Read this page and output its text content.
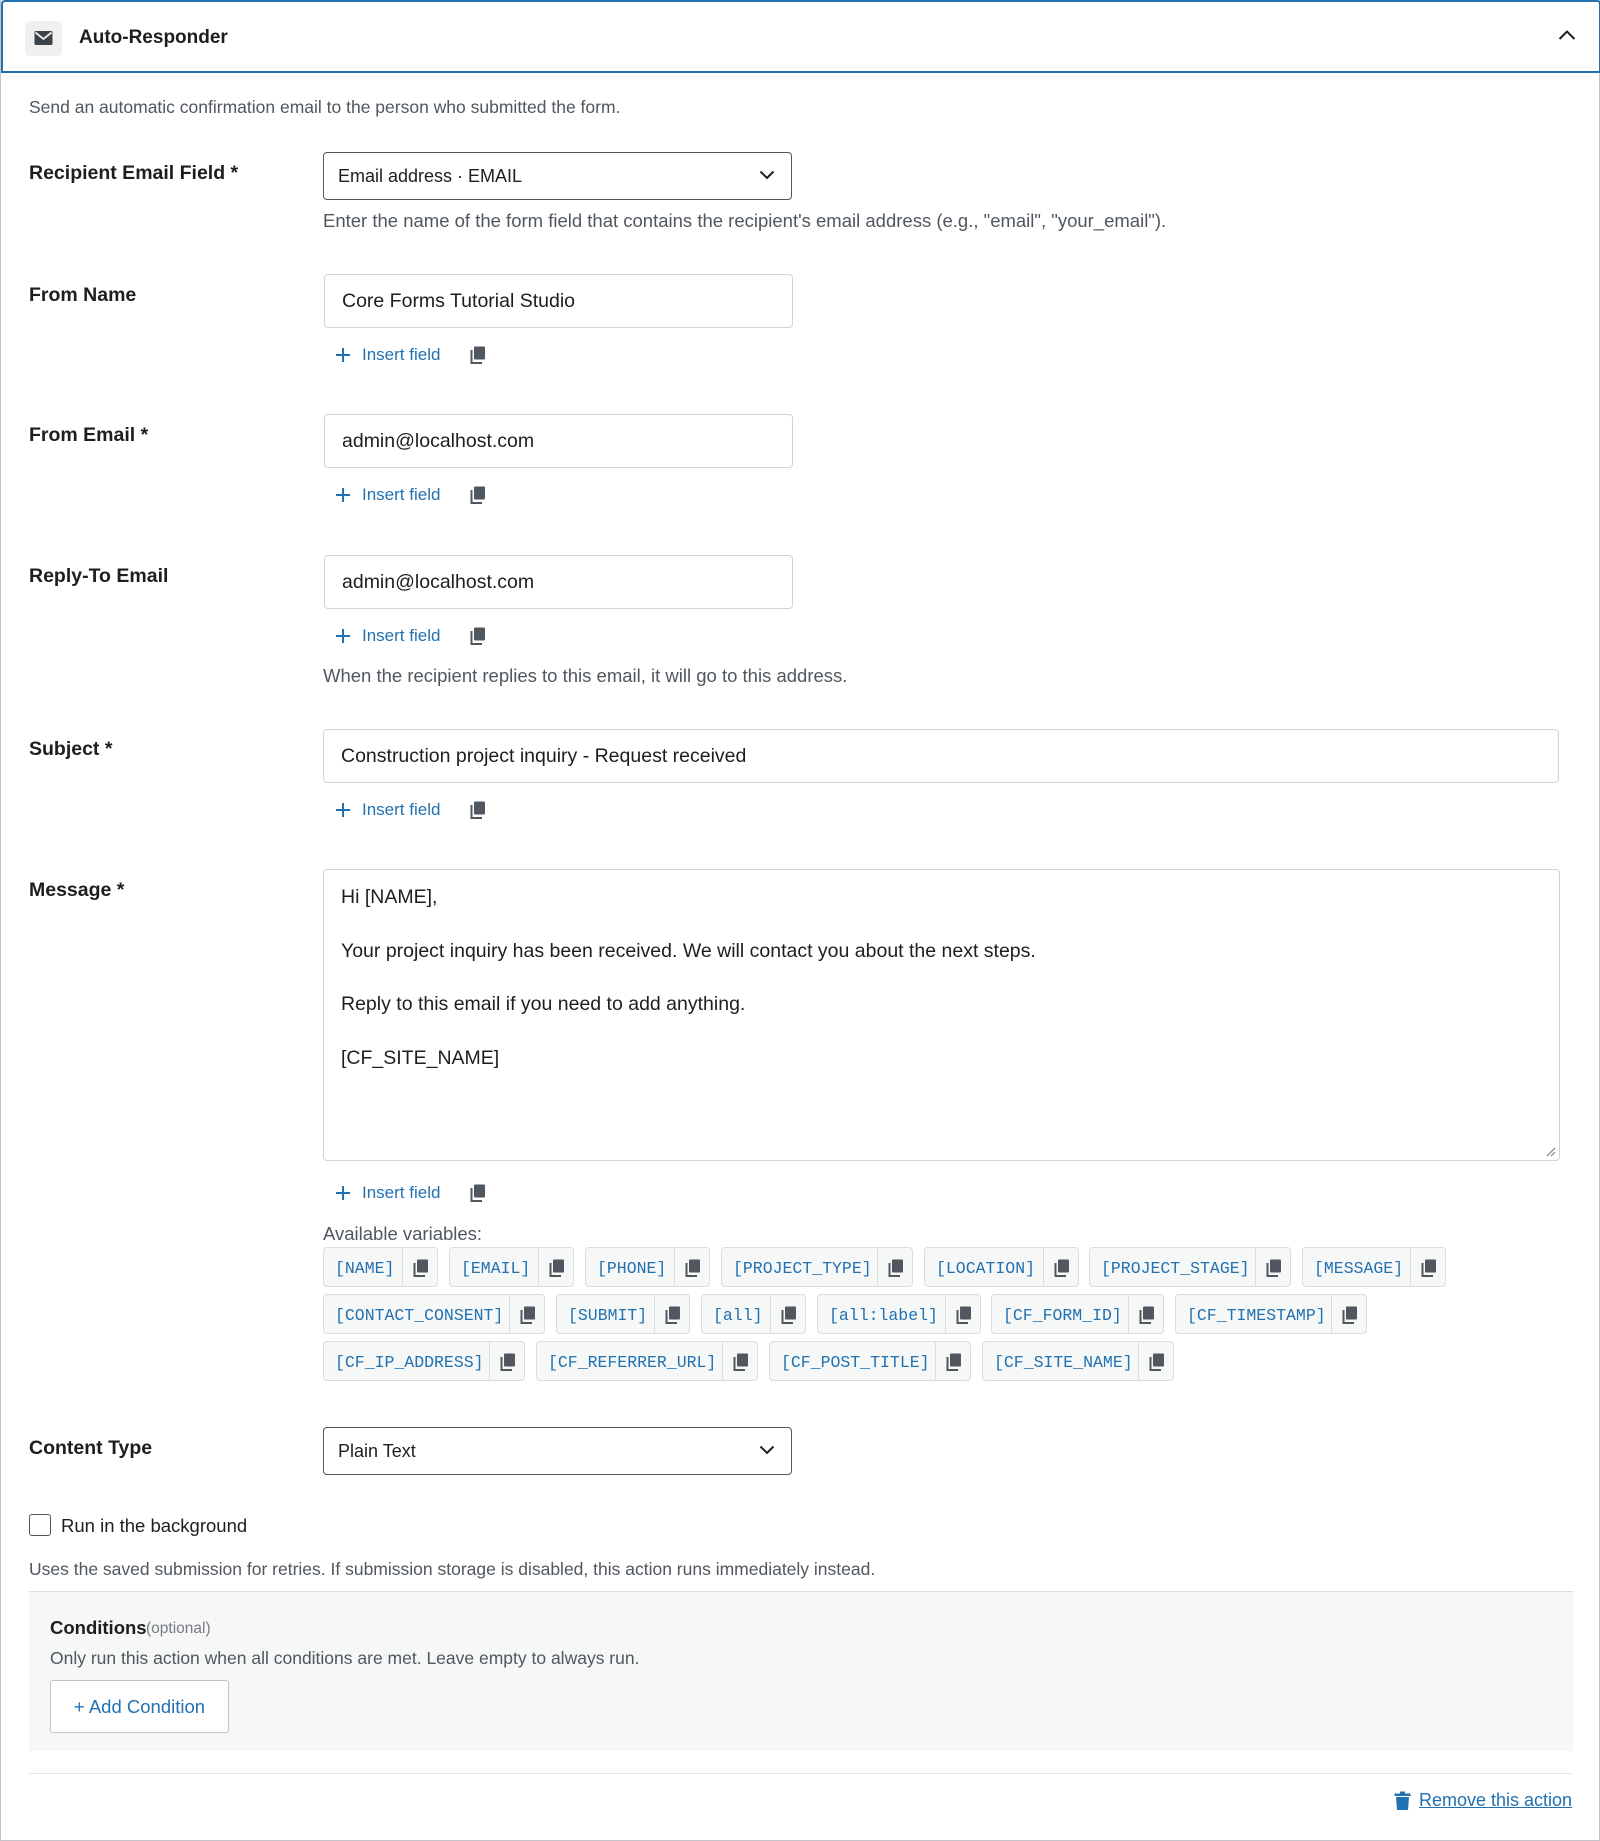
Auto-Responder
Send an automatic confirmation email to the person who submitted the form.
Recipient Email Field *	Email address · EMAIL
Enter the name of the form field that contains the recipient's email address (e.g., "email", "your_email").
From Name	Core Forms Tutorial Studio
Insert field
From Email *	admin@localhost.com
Insert field
Reply-To Email	admin@localhost.com
Insert field
When the recipient replies to this email, it will go to this address.
Subject *	Construction project inquiry - Request received
Insert field
Message *	Hi [NAME],
Your project inquiry has been received. We will contact you about the next steps.
Reply to this email if you need to add anything.
[CF_SITE_NAME]
Insert field
Available variables:
[NAME]	[EMAIL]	[PHONE]	[PROJECT_TYPE]	[LOCATION]	[PROJECT_STAGE]	[MESSAGE]
[CONTACT_CONSENT]	[SUBMIT]	[all]	[all:label]	[CF_FORM_ID]	[CF_TIMESTAMP]
[CF_IP_ADDRESS]	[CF_REFERRER_URL]	[CF_POST_TITLE]	[CF_SITE_NAME]
Content Type	Plain Text
Run in the background
Uses the saved submission for retries. If submission storage is disabled, this action runs immediately instead.
Conditions (optional)
Only run this action when all conditions are met. Leave empty to always run.
+ Add Condition
Remove this action
